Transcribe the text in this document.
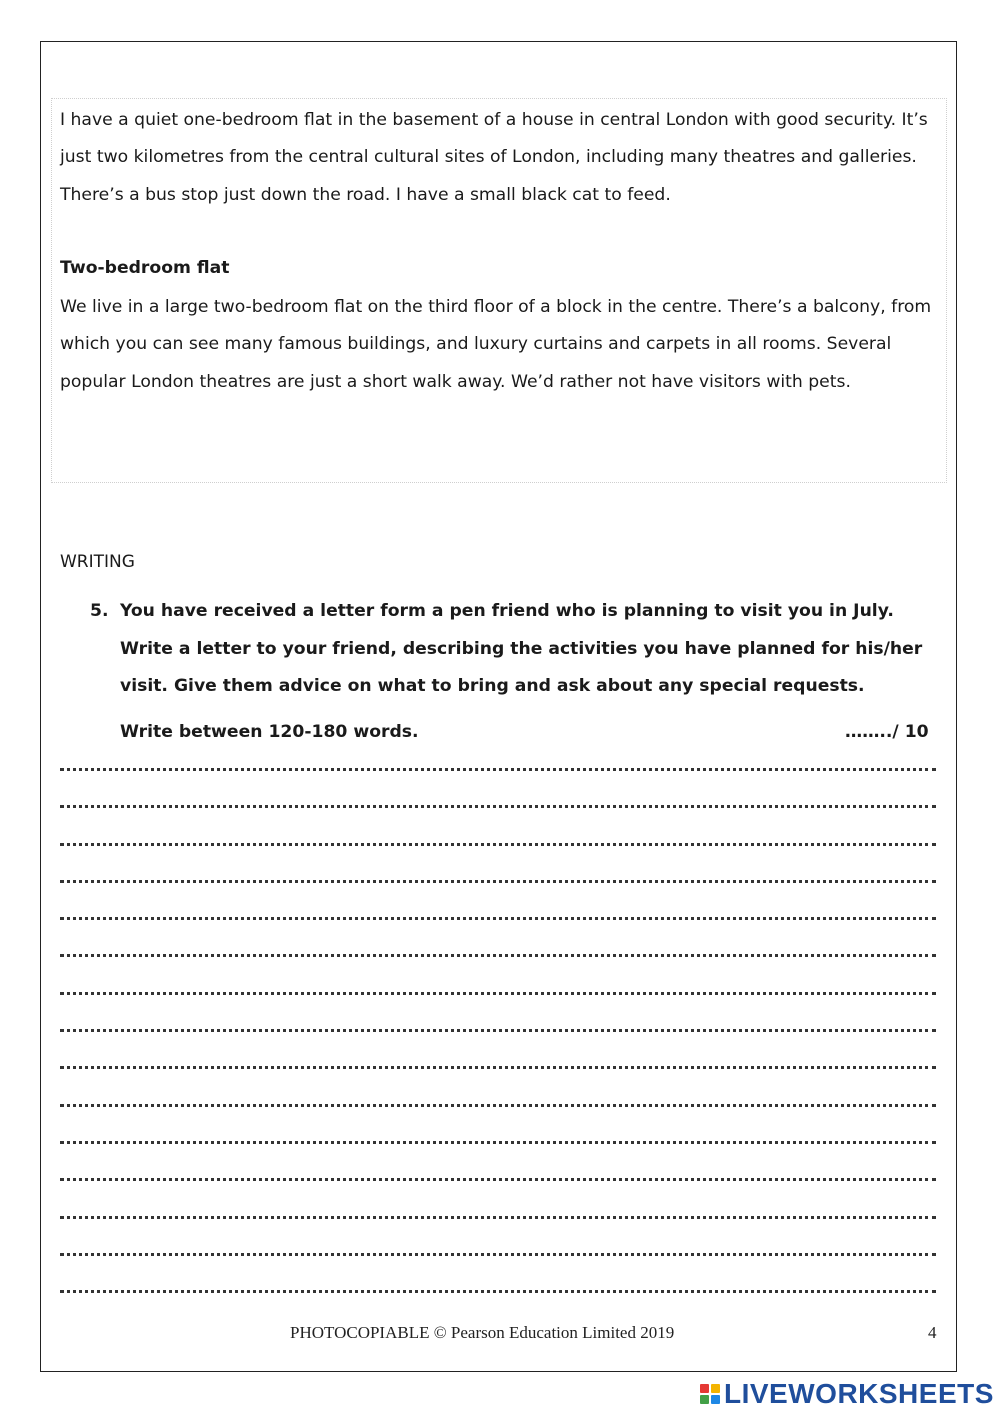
I have a quiet one-bedroom flat in the basement of a house in central London with good security. It’s just two kilometres from the central cultural sites of London, including many theatres and galleries. There’s a bus stop just down the road. I have a small black cat to feed.

Two-bedroom flat

We live in a large two-bedroom flat on the third floor of a block in the centre. There’s a balcony, from which you can see many famous buildings, and luxury curtains and carpets in all rooms. Several popular London theatres are just a short walk away. We’d rather not have visitors with pets.

WRITING

5. You have received a letter form a pen friend who is planning to visit you in July. Write a letter to your friend, describing the activities you have planned for his/her visit. Give them advice on what to bring and ask about any special requests.
Write between 120-180 words.	……../ 10
PHOTOCOPIABLE © Pearson Education Limited 2019	4
LIVEWORKSHEETS
